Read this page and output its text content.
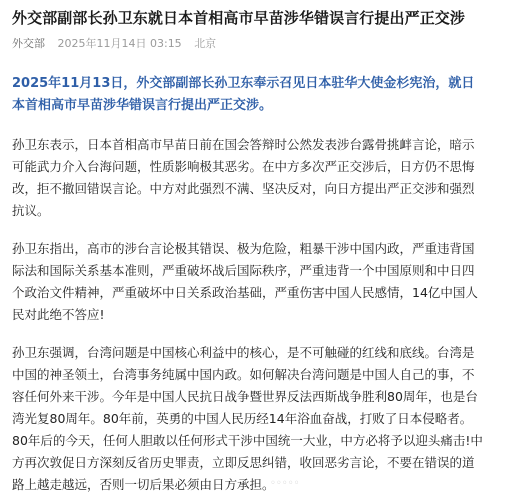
外交部副部长孙卫东就日本首相高市早苗涉华错误言行提出严正交涉
外交部 2025年11月14日 03:15 北京
2025年11月13日，外交部副部长孙卫东奉示召见日本驻华大使金杉宪治，就日本首相高市早苗涉华错误言行提出严正交涉。
孙卫东表示，日本首相高市早苗日前在国会答辩时公然发表涉台露骨挑衅言论，暗示可能武力介入台海问题，性质影响极其恶劣。在中方多次严正交涉后，日方仍不思悔改，拒不撤回错误言论。中方对此强烈不满、坚决反对，向日方提出严正交涉和强烈抗议。
孙卫东指出，高市的涉台言论极其错误、极为危险，粗暴干涉中国内政，严重违背国际法和国际关系基本准则，严重破坏战后国际秩序，严重违背一个中国原则和中日四个政治文件精神，严重破坏中日关系政治基础，严重伤害中国人民感情，14亿中国人民对此绝不答应!
孙卫东强调，台湾问题是中国核心利益中的核心，是不可触碰的红线和底线。台湾是中国的神圣领土，台湾事务纯属中国内政。如何解决台湾问题是中国人自己的事，不容任何外来干涉。今年是中国人民抗日战争暨世界反法西斯战争胜利80周年，也是台湾光复80周年。80年前，英勇的中国人民历经14年浴血奋战，打败了日本侵略者。80年后的今天，任何人胆敢以任何形式干涉中国统一大业，中方必将予以迎头痛击!中方再次敦促日方深刻反省历史罪责，立即反思纠错，收回恶劣言论，不要在错误的道路上越走越远，否则一切后果必须由日方承担。
◦◦◦◦◦
